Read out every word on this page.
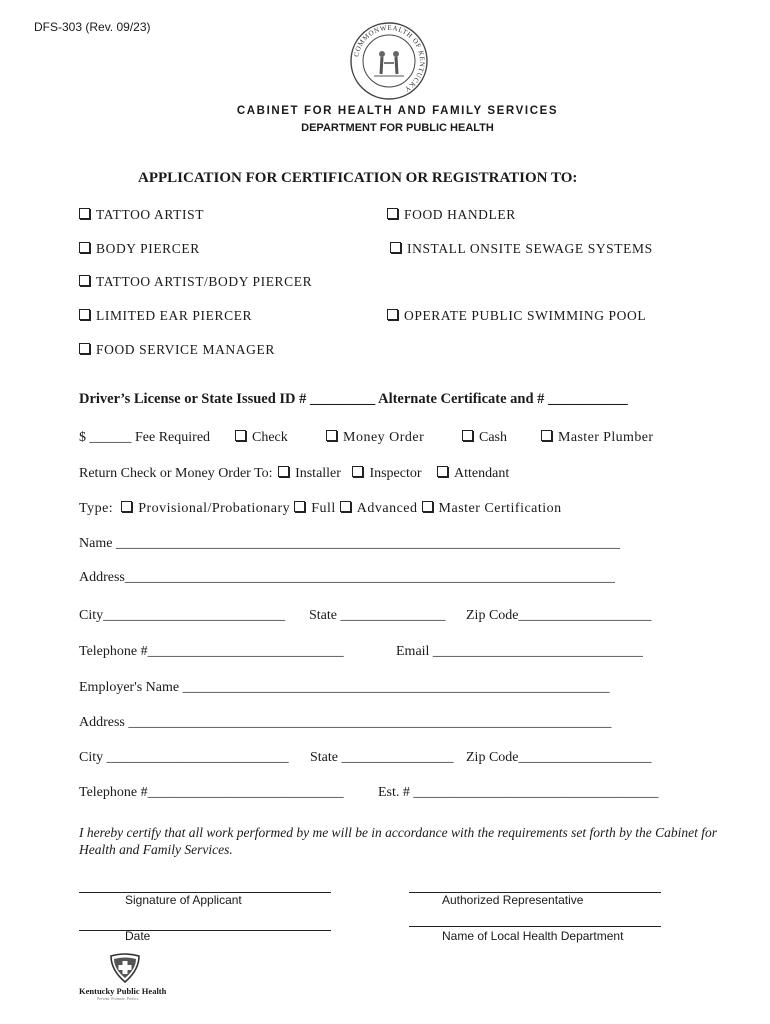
DFS-303 (Rev. 09/23)
COMMONWEALTH OF KENTUCKY
CABINET FOR HEALTH AND FAMILY SERVICES
DEPARTMENT FOR PUBLIC HEALTH
APPLICATION FOR CERTIFICATION OR REGISTRATION TO:
TATTOO ARTIST	FOOD HANDLER
BODY PIERCER	INSTALL ONSITE SEWAGE SYSTEMS
TATTOO ARTIST/BODY PIERCER
LIMITED EAR PIERCER	OPERATE PUBLIC SWIMMING POOL
FOOD SERVICE MANAGER
Driver’s License or State Issued ID # _________ Alternate Certificate and # ___________
$ ______ Fee Required	Check	Money Order	Cash	Master Plumber
Return Check or Money Order To: Installer Inspector Attendant
Type: Provisional/Probationary Full Advanced Master Certification
Name ________________________________________________________________________
Address______________________________________________________________________
City__________________________ State _______________ Zip Code___________________
Telephone #____________________________	Email ______________________________
Employer's Name _____________________________________________________________
Address _____________________________________________________________________
City __________________________ State ________________ Zip Code___________________
Telephone #____________________________ Est. # ___________________________________
I hereby certify that all work performed by me will be in accordance with the requirements set forth by the Cabinet for Health and Family Services.
Signature of Applicant	Authorized Representative
Date	Name of Local Health Department
Kentucky Public Health
Prevent. Promote. Protect.
